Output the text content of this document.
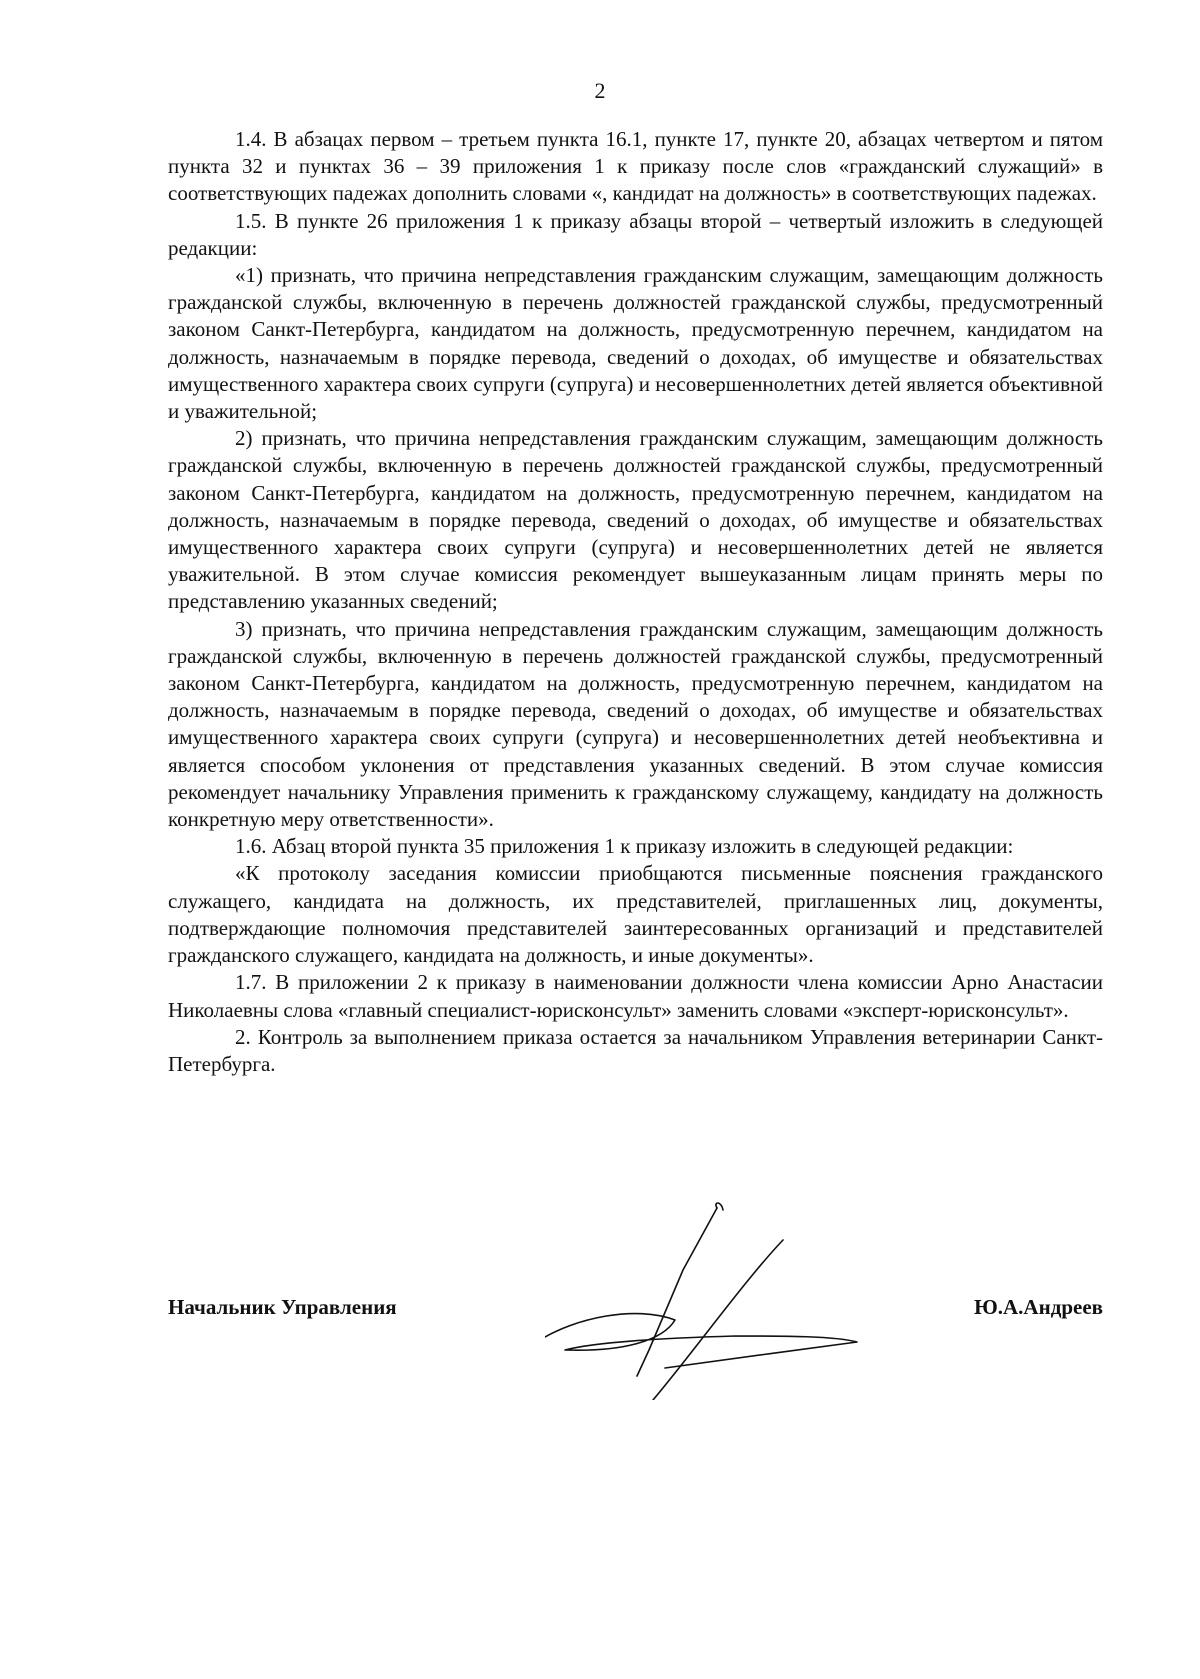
2

1.4. В абзацах первом – третьем пункта 16.1, пункте 17, пункте 20, абзацах четвертом и пятом пункта 32 и пунктах 36 – 39 приложения 1 к приказу после слов «гражданский служащий» в соответствующих падежах дополнить словами «, кандидат на должность» в соответствующих падежах.

1.5. В пункте 26 приложения 1 к приказу абзацы второй – четвертый изложить в следующей редакции:

«1) признать, что причина непредставления гражданским служащим, замещающим должность гражданской службы, включенную в перечень должностей гражданской службы, предусмотренный законом Санкт-Петербурга, кандидатом на должность, предусмотренную перечнем, кандидатом на должность, назначаемым в порядке перевода, сведений о доходах, об имуществе и обязательствах имущественного характера своих супруги (супруга) и несовершеннолетних детей является объективной и уважительной;

2) признать, что причина непредставления гражданским служащим, замещающим должность гражданской службы, включенную в перечень должностей гражданской службы, предусмотренный законом Санкт-Петербурга, кандидатом на должность, предусмотренную перечнем, кандидатом на должность, назначаемым в порядке перевода, сведений о доходах, об имуществе и обязательствах имущественного характера своих супруги (супруга) и несовершеннолетних детей не является уважительной. В этом случае комиссия рекомендует вышеуказанным лицам принять меры по представлению указанных сведений;

3) признать, что причина непредставления гражданским служащим, замещающим должность гражданской службы, включенную в перечень должностей гражданской службы, предусмотренный законом Санкт-Петербурга, кандидатом на должность, предусмотренную перечнем, кандидатом на должность, назначаемым в порядке перевода, сведений о доходах, об имуществе и обязательствах имущественного характера своих супруги (супруга) и несовершеннолетних детей необъективна и является способом уклонения от представления указанных сведений. В этом случае комиссия рекомендует начальнику Управления применить к гражданскому служащему, кандидату на должность конкретную меру ответственности».

1.6. Абзац второй пункта 35 приложения 1 к приказу изложить в следующей редакции:

«К протоколу заседания комиссии приобщаются письменные пояснения гражданского служащего, кандидата на должность, их представителей, приглашенных лиц, документы, подтверждающие полномочия представителей заинтересованных организаций и представителей гражданского служащего, кандидата на должность, и иные документы».

1.7. В приложении 2 к приказу в наименовании должности члена комиссии Арно Анастасии Николаевны слова «главный специалист-юрисконсульт» заменить словами «эксперт-юрисконсульт».

2. Контроль за выполнением приказа остается за начальником Управления ветеринарии Санкт-Петербурга.

Начальник Управления	Ю.А.Андреев
